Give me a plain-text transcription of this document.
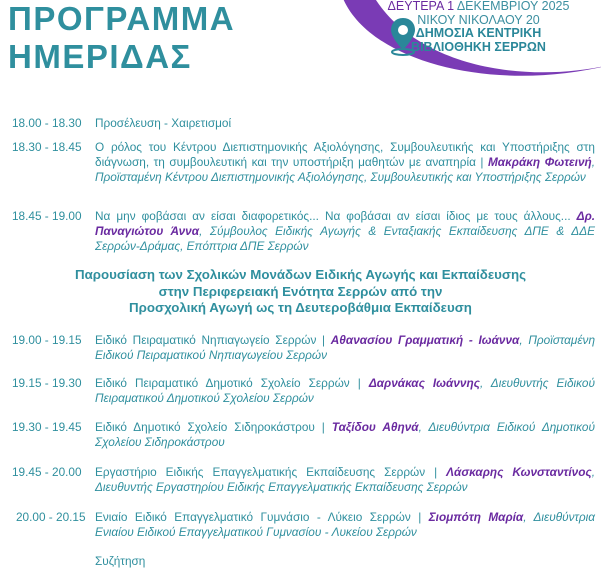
ΠΡΟΓΡΑΜΜΑ
ΗΜΕΡΙΔΑΣ
ΔΕΥΤΕΡΑ 1 ΔΕΚΕΜΒΡΙΟΥ 2025
ΝΙΚΟΥ ΝΙΚΟΛΑΟΥ 20
ΔΗΜΟΣΙΑ ΚΕΝΤΡΙΚΗ
ΒΙΒΛΙΟΘΗΚΗ ΣΕΡΡΩΝ
18.00 - 18.30 Προσέλευση - Χαιρετισμοί
18.30 - 18.45 Ο ρόλος του Κέντρου Διεπιστημονικής Αξιολόγησης, Συμβουλευτικής και Υποστήριξης στη διάγνωση, τη συμβουλευτική και την υποστήριξη μαθητών με αναπηρία | Μακράκη Φωτεινή, Προϊσταμένη Κέντρου Διεπιστημονικής Αξιολόγησης, Συμβουλευτικής και Υποστήριξης Σερρών
18.45 - 19.00 Να μην φοβάσαι αν είσαι διαφορετικός... Να φοβάσαι αν είσαι ίδιος με τους άλλους... Δρ. Παναγιώτου Άννα, Σύμβουλος Ειδικής Αγωγής & Ενταξιακής Εκπαίδευσης ΔΠΕ & ΔΔΕ Σερρών-Δράμας, Επόπτρια ΔΠΕ Σερρών
Παρουσίαση των Σχολικών Μονάδων Ειδικής Αγωγής και Εκπαίδευσης
στην Περιφερειακή Ενότητα Σερρών από την
Προσχολική Αγωγή ως τη Δευτεροβάθμια Εκπαίδευση
19.00 - 19.15 Ειδικό Πειραματικό Νηπιαγωγείο Σερρών | Αθανασίου Γραμματική - Ιωάννα, Προϊσταμένη Ειδικού Πειραματικού Νηπιαγωγείου Σερρών
19.15 - 19.30 Ειδικό Πειραματικό Δημοτικό Σχολείο Σερρών | Δαρνάκας Ιωάννης, Διευθυντής Ειδικού Πειραματικού Δημοτικού Σχολείου Σερρών
19.30 - 19.45 Ειδικό Δημοτικό Σχολείο Σιδηροκάστρου | Ταξίδου Αθηνά, Διευθύντρια Ειδικού Δημοτικού Σχολείου Σιδηροκάστρου
19.45 - 20.00 Εργαστήριο Ειδικής Επαγγελματικής Εκπαίδευσης Σερρών | Λάσκαρης Κωνσταντίνος, Διευθυντής Εργαστηρίου Ειδικής Επαγγελματικής Εκπαίδευσης Σερρών
20.00 - 20.15 Ενιαίο Ειδικό Επαγγελματικό Γυμνάσιο - Λύκειο Σερρών | Σιομπότη Μαρία, Διευθύντρια Ενιαίου Ειδικού Επαγγελματικού Γυμνασίου - Λυκείου Σερρών
Συζήτηση
